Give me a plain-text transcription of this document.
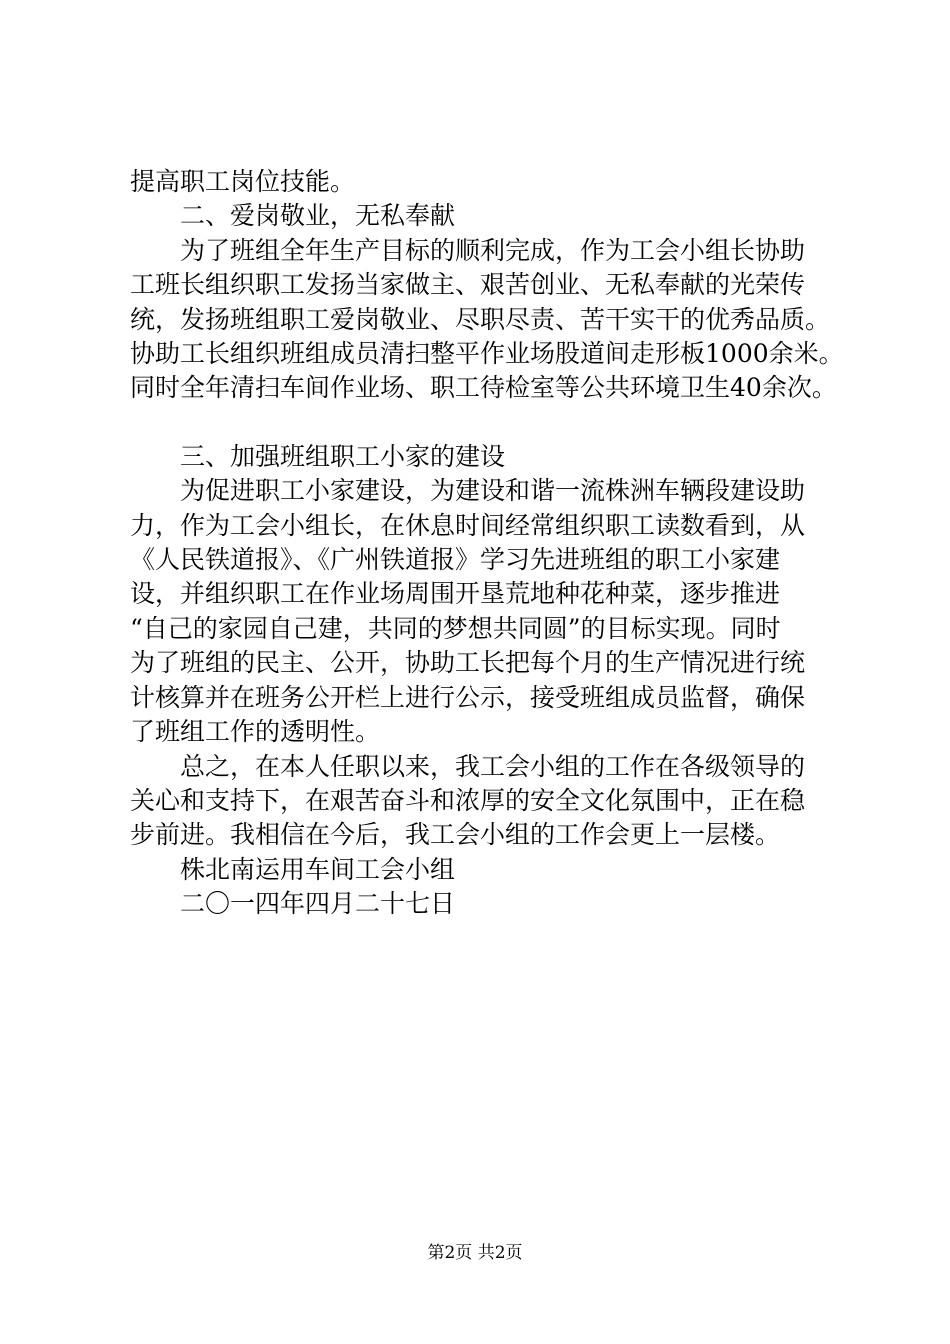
提高职工岗位技能。

二、爱岗敬业，无私奉献

为了班组全年生产目标的顺利完成，作为工会小组长协助

工班长组织职工发扬当家做主、艰苦创业、无私奉献的光荣传

统，发扬班组职工爱岗敬业、尽职尽责、苦干实干的优秀品质。

协助工长组织班组成员清扫整平作业场股道间走形板1000余米。

同时全年清扫车间作业场、职工待检室等公共环境卫生40余次。

三、加强班组职工小家的建设

为促进职工小家建设，为建设和谐一流株洲车辆段建设助

力，作为工会小组长，在休息时间经常组织职工读数看到，从

《人民铁道报》、《广州铁道报》学习先进班组的职工小家建

设，并组织职工在作业场周围开垦荒地种花种菜，逐步推进

“自己的家园自己建，共同的梦想共同圆”的目标实现。同时

为了班组的民主、公开，协助工长把每个月的生产情况进行统

计核算并在班务公开栏上进行公示，接受班组成员监督，确保

了班组工作的透明性。

总之，在本人任职以来，我工会小组的工作在各级领导的

关心和支持下，在艰苦奋斗和浓厚的安全文化氛围中，正在稳

步前进。我相信在今后，我工会小组的工作会更上一层楼。

株北南运用车间工会小组

二〇一四年四月二十七日

第2页 共2页
